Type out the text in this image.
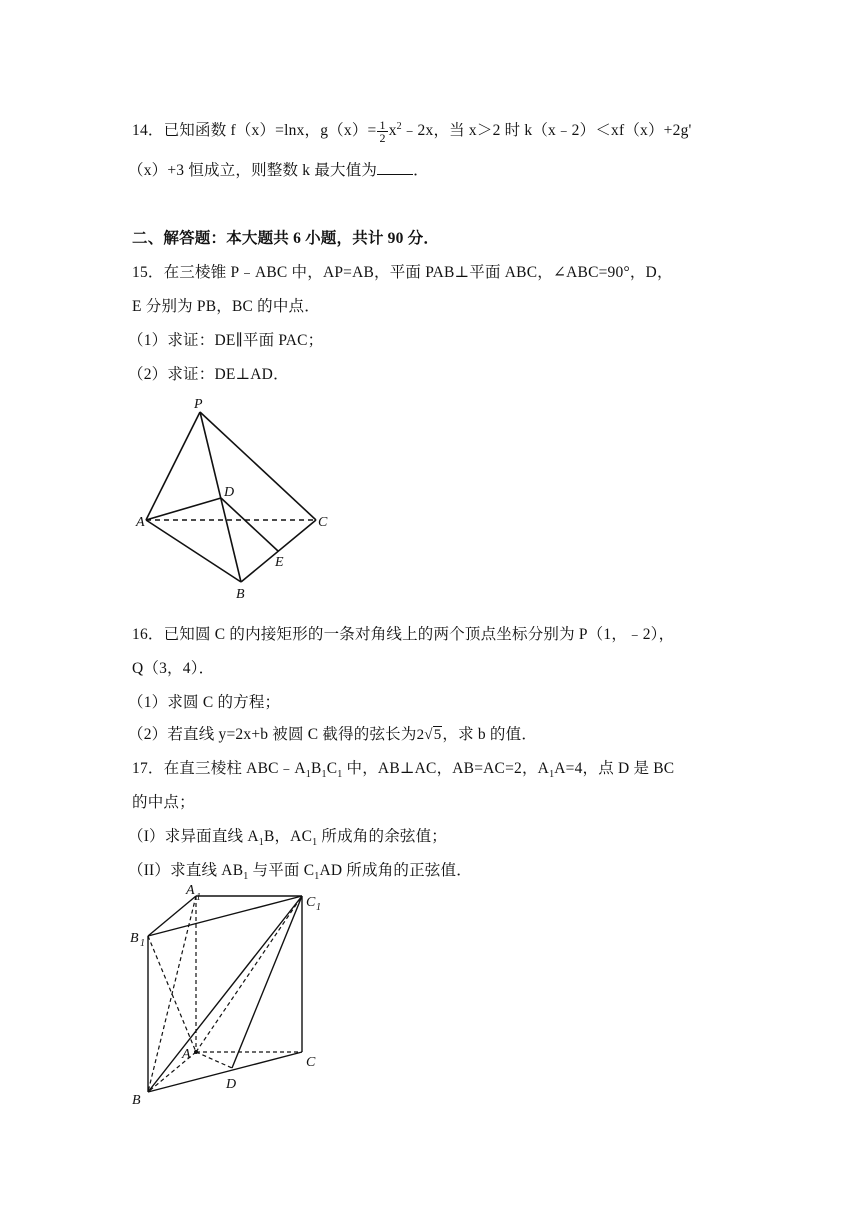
14．已知函数 f（x）=lnx，$g(x)= \frac{1}{2}$ $x^2﹣2x$，当 x＞2 时 k（x﹣2）＜xf（x）+2g'
（x）+3 恒成立，则整数 k 最大值为 ．
二、解答题：本大题共 6 小题，共计 90 分．
15．在三棱锥 P﹣ABC 中，AP=AB，平面 PAB⊥平面 ABC，∠ABC=90°，D，
E 分别为 PB，BC 的中点．
（1）求证：DE∥平面 PAC；
（2）求证：DE⊥AD．
P
A
B
C
D
E
16．已知圆 C 的内接矩形的一条对角线上的两个顶点坐标分别为 P（1，﹣2），
Q（3，4）．
（1）求圆 C 的方程；
（2）若直线 y=2x+b 被圆 C 截得的弦长为2√5，求 b 的值．
17．在直三棱柱 $ABC﹣A_1B_1C_1$ 中，AB⊥AC，AB=AC=2，$A_1A=4$，点 D 是 BC
的中点；
（I）求异面直线 $A_1B$，$AC_1$ 所成角的余弦值；
（II）求直线 $AB_1$ 与平面 $C_1AD$ 所成角的正弦值．
A 1	C 1
B 1
A
C
D
B
